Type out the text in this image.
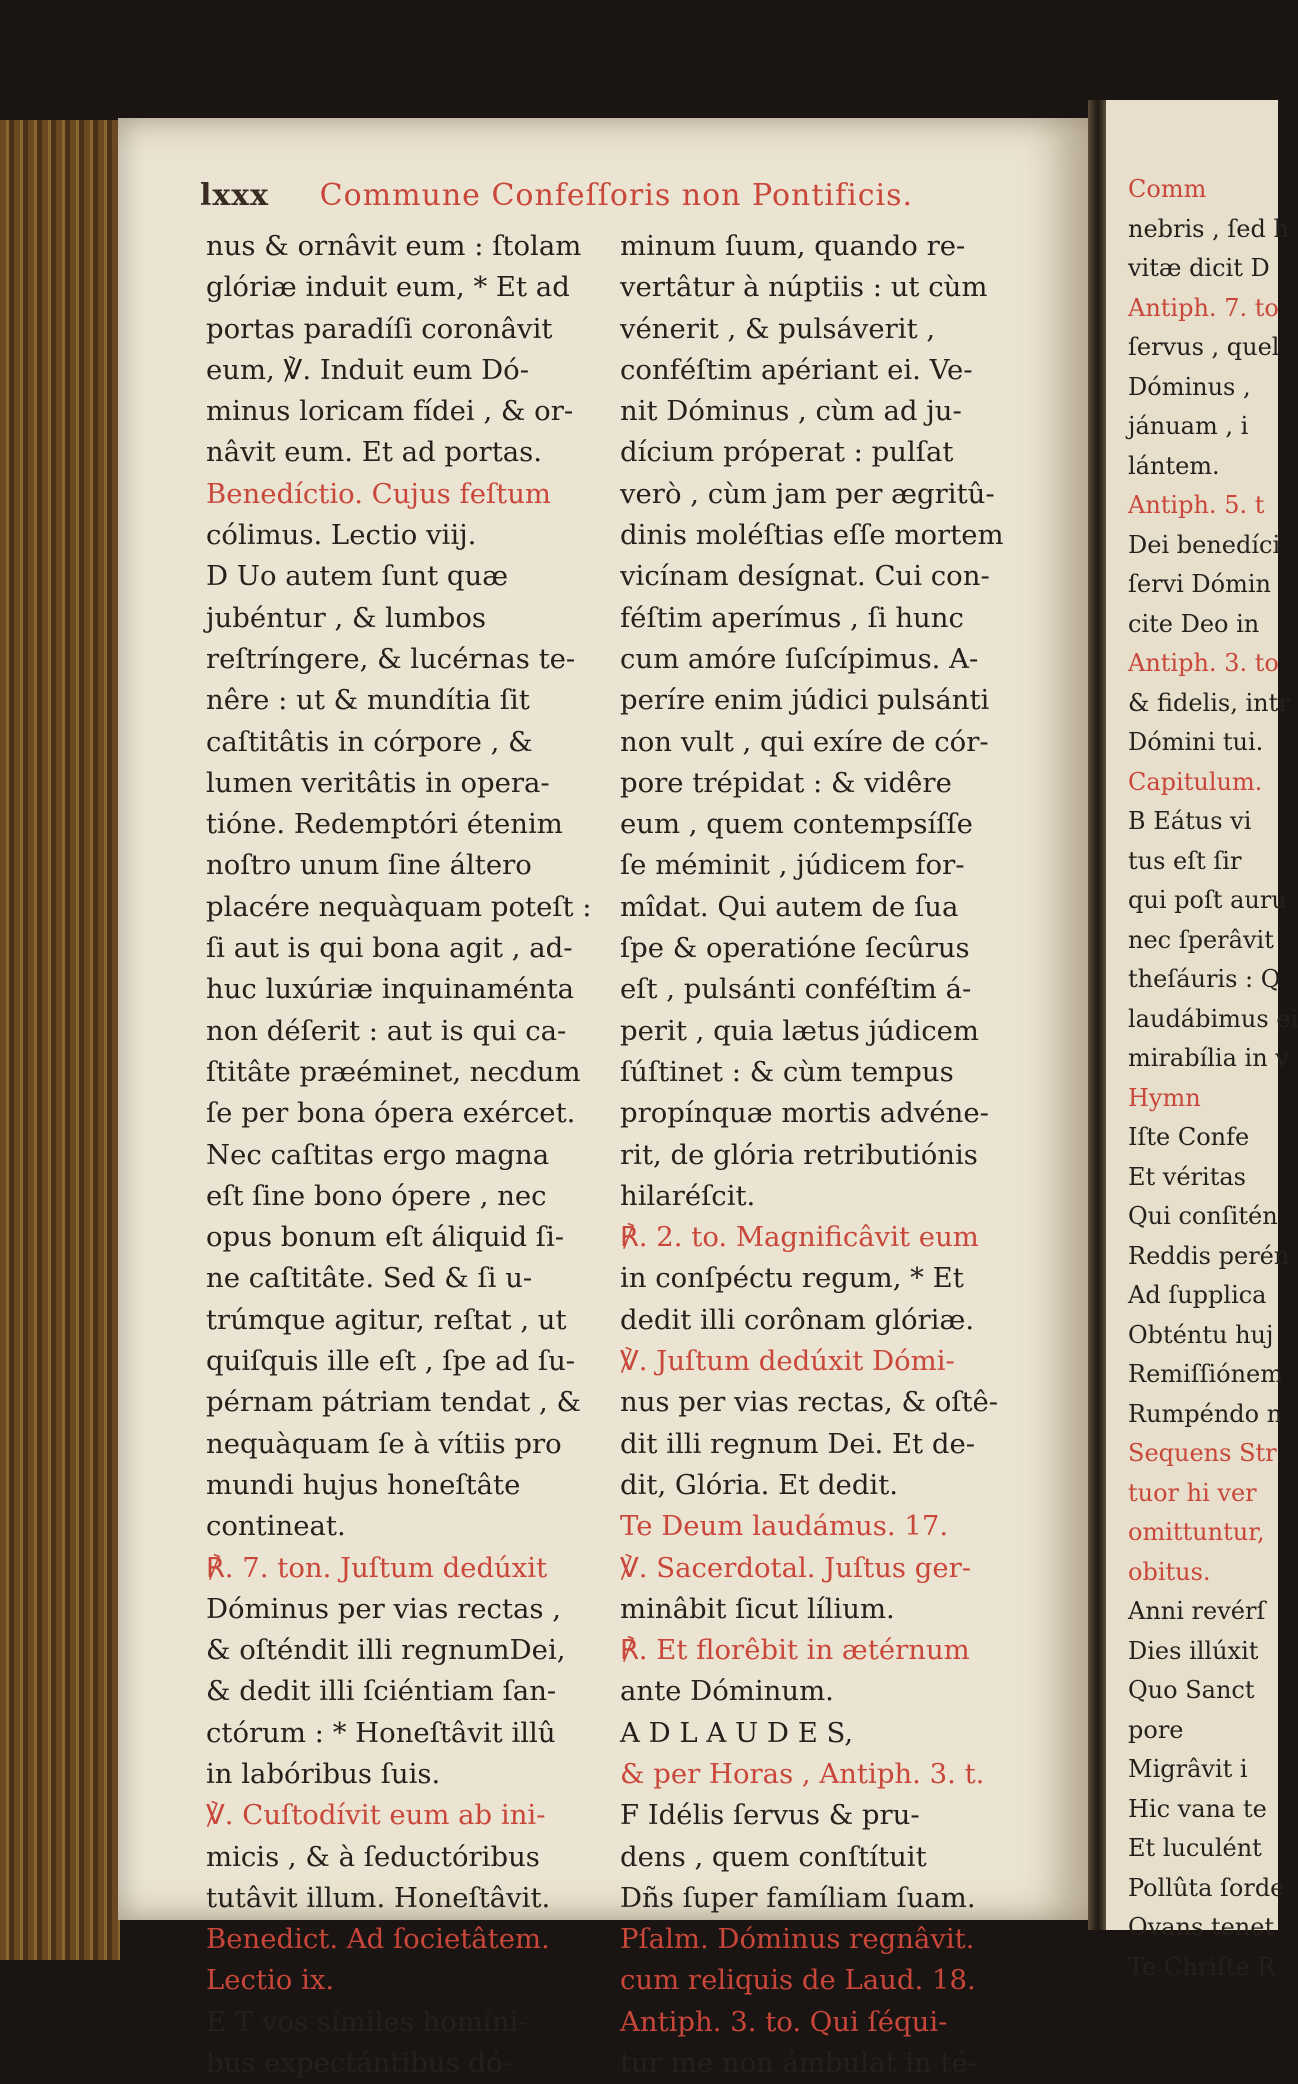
lxxx Commune Confeſſoris non Pontificis.
nus & ornâvit eum : ſtolam
glóriæ induit eum, * Et ad
portas paradíſi coronâvit
eum, ℣. Induit eum Dó-
minus loricam fídei , & or-
nâvit eum. Et ad portas.
Benedíctio. Cujus feſtum
cólimus. Lectio viij.
D Uo autem ſunt quæ
jubéntur , & lumbos
reſtríngere, & lucérnas te-
nêre : ut & mundítia ſit
caſtitâtis in córpore , &
lumen veritâtis in opera-
tióne. Redemptóri étenim
noſtro unum ſine áltero
placére nequàquam poteſt :
ſi aut is qui bona agit , ad-
huc luxúriæ inquinaménta
non déſerit : aut is qui ca-
ſtitâte præéminet, necdum
ſe per bona ópera exércet.
Nec caſtitas ergo magna
eſt ſine bono ópere , nec
opus bonum eſt áliquid ſi-
ne caſtitâte. Sed & ſi u-
trúmque agitur, reſtat , ut
quiſquis ille eſt , ſpe ad ſu-
pérnam pátriam tendat , &
nequàquam ſe à vítiis pro
mundi hujus honeſtâte
contineat.
℟. 7. ton. Juſtum dedúxit
Dóminus per vias rectas ,
& oſténdit illi regnumDei,
& dedit illi ſciéntiam ſan-
ctórum : * Honeſtâvit illû
in labóribus ſuis.
℣. Cuſtodívit eum ab ini-
micis , & à ſeductóribus
tutâvit illum. Honeſtâvit.
Benedict. Ad ſocietâtem.
Lectio ix.
E T vos símiles homíni-
bus expectántibus dó-
minum ſuum, quando re-
vertâtur à núptiis : ut cùm
vénerit , & pulsáverit ,
conféſtim apériant ei. Ve-
nit Dóminus , cùm ad ju-
dícium próperat : pulſat
verò , cùm jam per ægritû-
dinis moléſtias eſſe mortem
vicínam desígnat. Cui con-
féſtim aperímus , ſi hunc
cum amóre ſuſcípimus. A-
períre enim júdici pulsánti
non vult , qui exíre de cór-
pore trépidat : & vidêre
eum , quem contempsíſſe
ſe méminit , júdicem for-
mîdat. Qui autem de ſua
ſpe & operatióne ſecûrus
eſt , pulsánti conféſtim á-
perit , quia lætus júdicem
ſúſtinet : & cùm tempus
propínquæ mortis advéne-
rit, de glória retributiónis
hilaréſcit.
℟. 2. to. Magnificâvit eum
in conſpéctu regum, * Et
dedit illi corônam glóriæ.
℣. Juſtum dedúxit Dómi-
nus per vias rectas, & oſtê-
dit illi regnum Dei. Et de-
dit, Glória. Et dedit.
Te Deum laudámus. 17.
℣. Sacerdotal. Juſtus ger-
minâbit ſicut lílium.
℟. Et florêbit in ætérnum
ante Dóminum.
A D L A U D E S,
& per Horas , Antiph. 3. t.
F Idélis ſervus & pru-
dens , quem conſtítuit
Dñs ſuper famíliam ſuam.
Pſalm. Dóminus regnâvit.
cum reliquis de Laud. 18.
Antiph. 3. to. Qui ſéqui-
tur me non ámbulat in té-
Comm
nebris , ſed h
vitæ dicit D
Antiph. 7. to
ſervus , quel
Dóminus ,
jánuam , i
lántem.
Antiph. 5. t
Dei benedíci
ſervi Dómin
cite Deo in
Antiph. 3. to
& fidelis, intr
Dómini tui.
Capitulum.
B Eátus vi
tus eſt ſir
qui poſt auru
nec ſperâvit
theſáuris : Q
laudábimus ei
mirabília in v
Hymn
Iſte Confe
Et véritas
Qui conſitén
Reddis perén
Ad ſupplica
Obténtu huj
Remiſſiónem
Rumpéndo n
Sequens Str
tuor hi ver
omittuntur,
obitus.
Anni revérſ
Dies illúxit
Quo Sanct
pore
Migrâvit i
Hic vana te
Et luculént
Pollûta ſorde
Ovans tenet
Te Chriſte R
